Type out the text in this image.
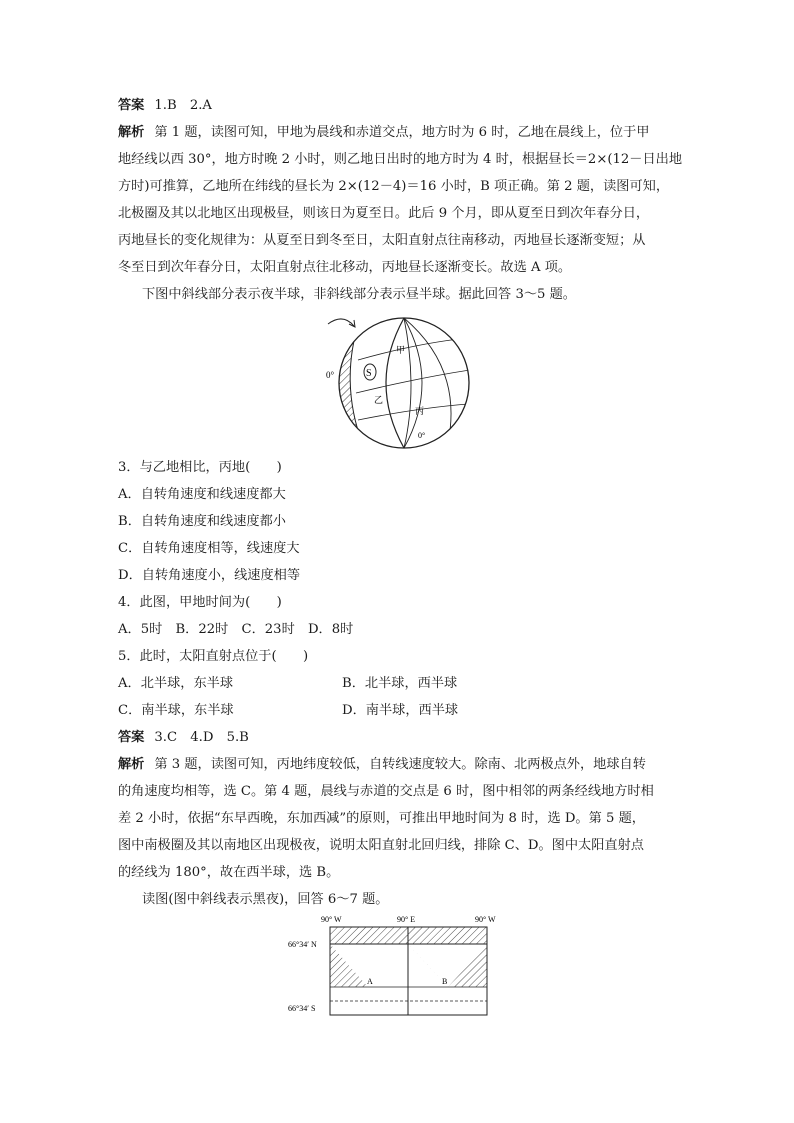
答案 1.B　2.A

解析 第 1 题，读图可知，甲地为晨线和赤道交点，地方时为 6 时，乙地在晨线上，位于甲

地经线以西 30°，地方时晚 2 小时，则乙地日出时的地方时为 4 时，根据昼长＝2×(12－日出地

方时)可推算，乙地所在纬线的昼长为 2×(12－4)＝16 小时，B 项正确。第 2 题，读图可知，

北极圈及其以北地区出现极昼，则该日为夏至日。此后 9 个月，即从夏至日到次年春分日，

丙地昼长的变化规律为：从夏至日到冬至日，太阳直射点往南移动，丙地昼长逐渐变短；从

冬至日到次年春分日，太阳直射点往北移动，丙地昼长逐渐变长。故选 A 项。

下图中斜线部分表示夜半球，非斜线部分表示昼半球。据此回答 3～5 题。

0°	S
甲
乙
丙
0°

3．与乙地相比，丙地(　　)

A．自转角速度和线速度都大

B．自转角速度和线速度都小

C．自转角速度相等，线速度大

D．自转角速度小，线速度相等

4．此图，甲地时间为(　　)

A．5时　B．22时　C．23时　D．8时

5．此时，太阳直射点位于(　　)

A．北半球，东半球	B．北半球，西半球
C．南半球，东半球	D．南半球，西半球

答案 3.C　4.D　5.B

解析 第 3 题，读图可知，丙地纬度较低，自转线速度较大。除南、北两极点外，地球自转

的角速度均相等，选 C。第 4 题，晨线与赤道的交点是 6 时，图中相邻的两条经线地方时相

差 2 小时，依据“东早西晚，东加西减”的原则，可推出甲地时间为 8 时，选 D。第 5 题，

图中南极圈及其以南地区出现极夜，说明太阳直射北回归线，排除 C、D。图中太阳直射点

的经线为 180°，故在西半球，选 B。

读图(图中斜线表示黑夜)，回答 6～7 题。

90° W	90° E	90° W
66°34′ N
66°34′ S
A	B
